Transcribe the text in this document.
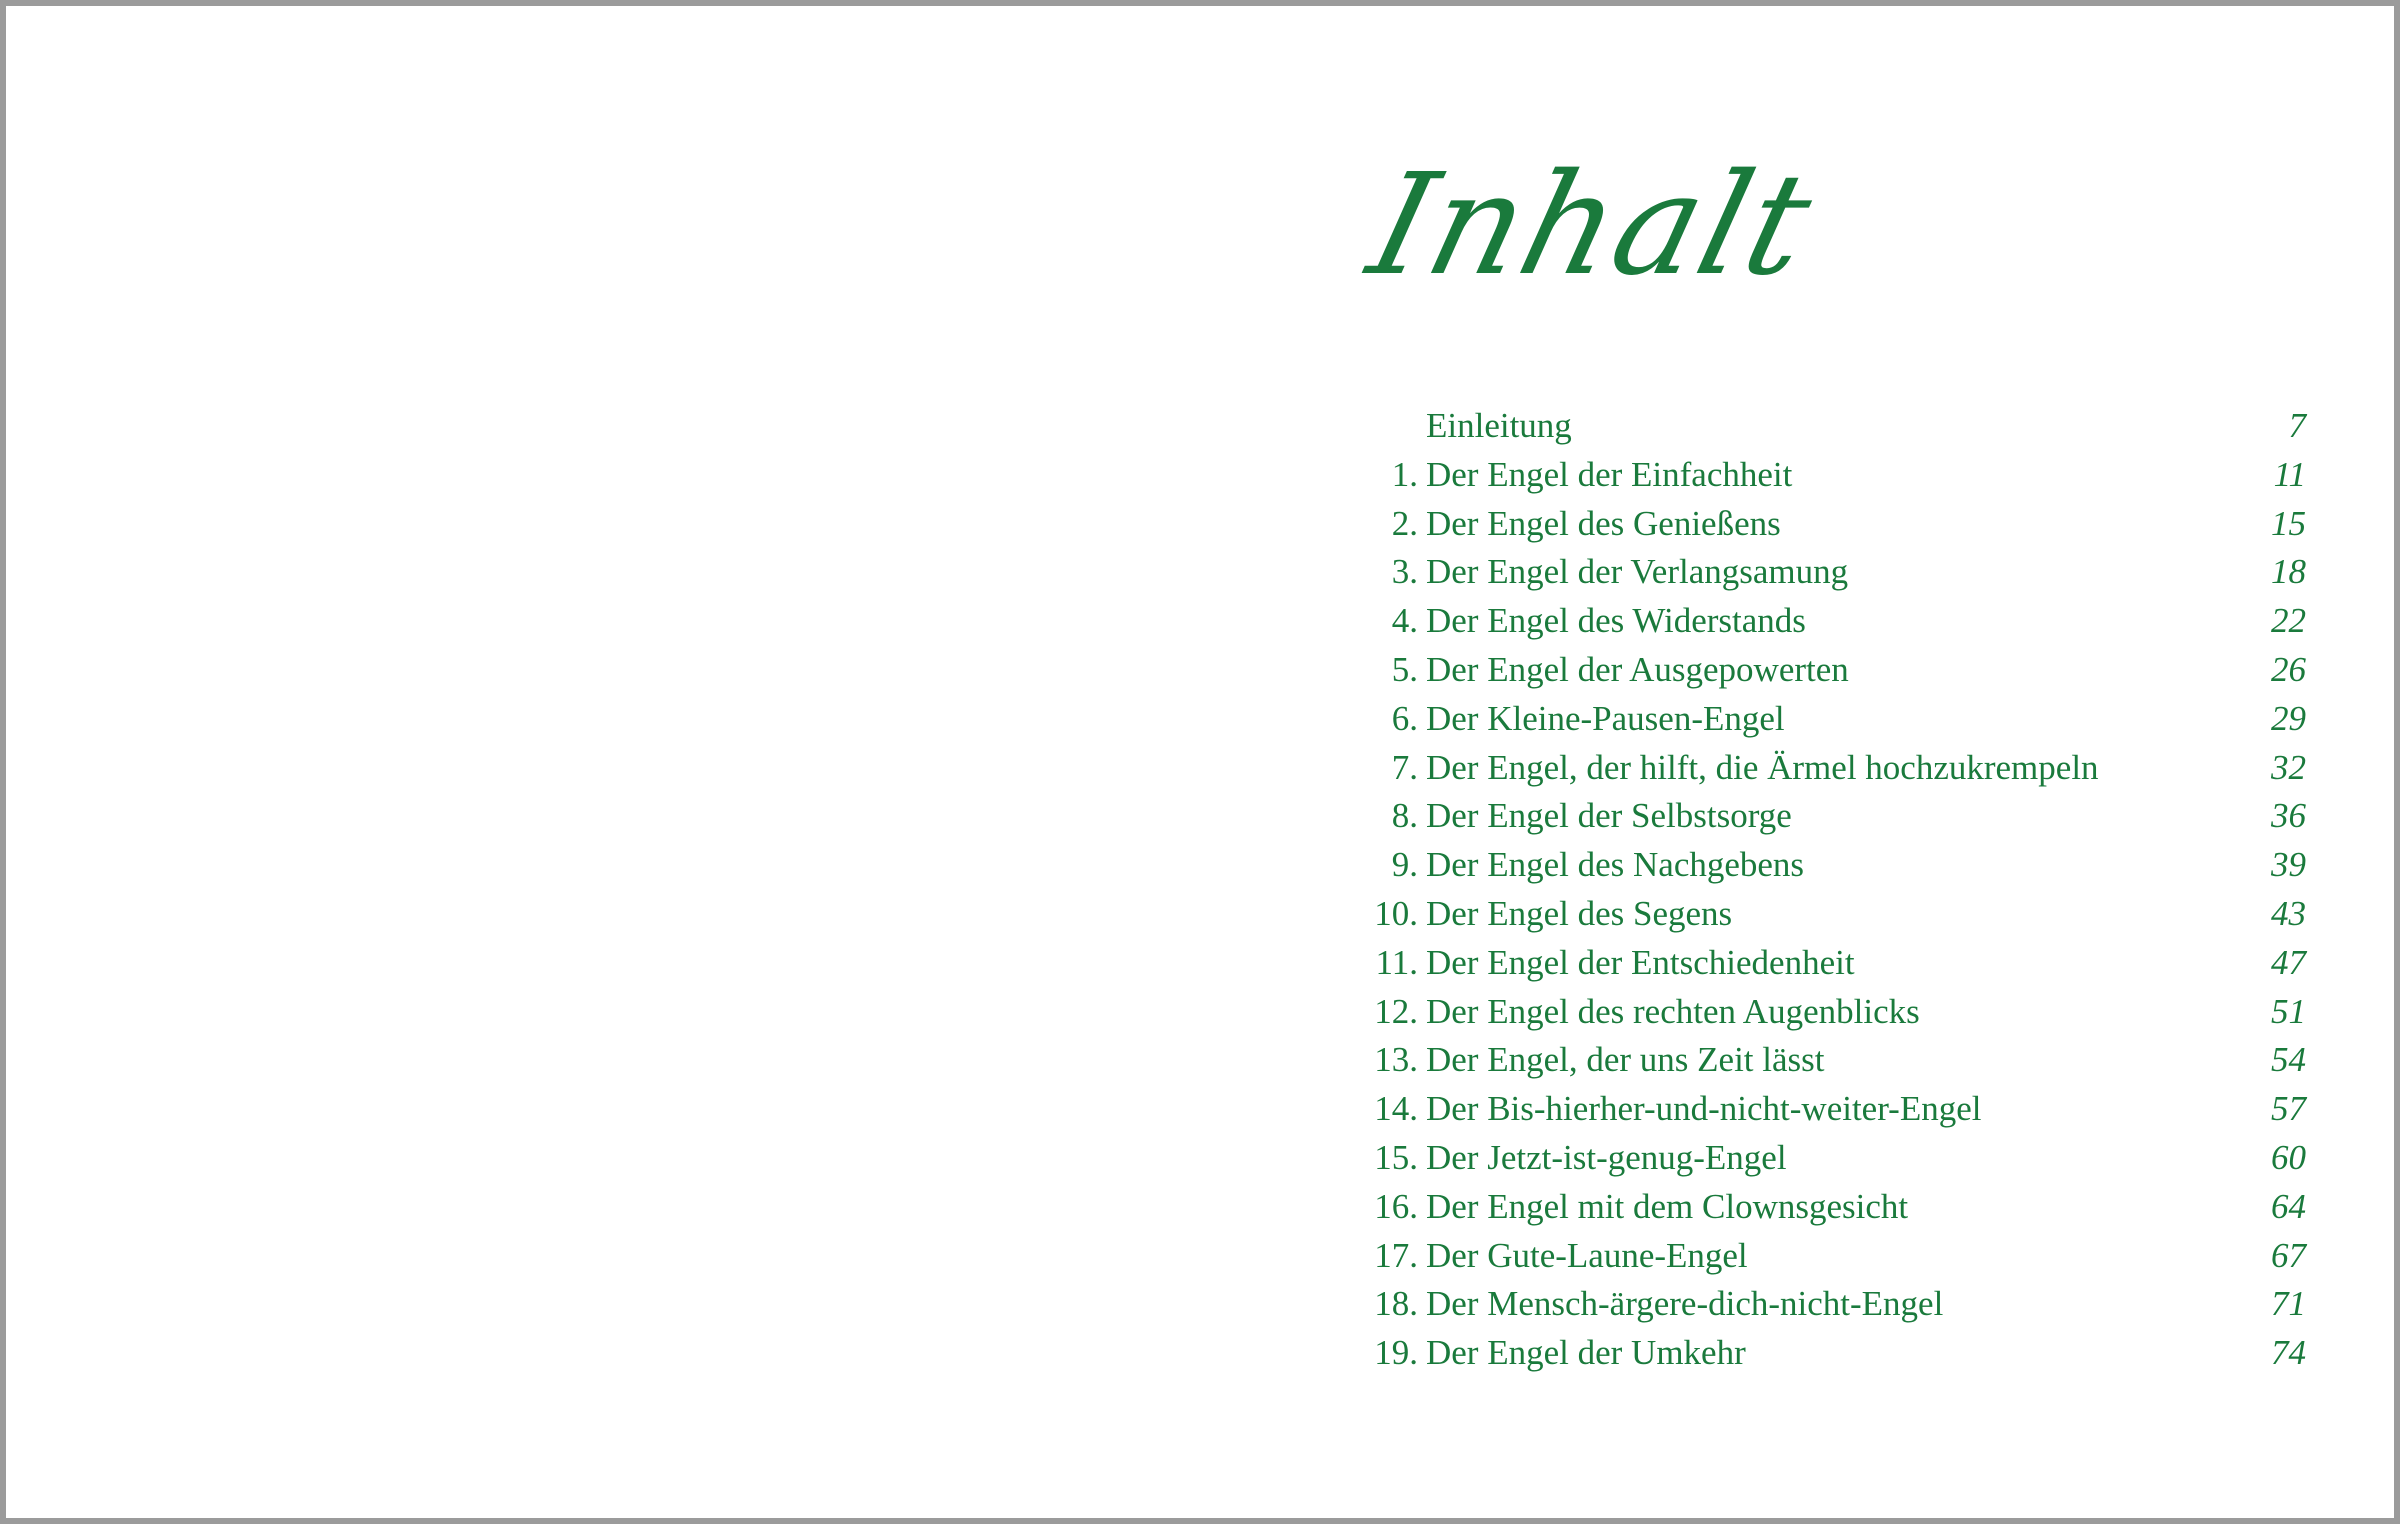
Inhalt
Einleitung	7
1. Der Engel der Einfachheit	11
2. Der Engel des Genießens	15
3. Der Engel der Verlangsamung	18
4. Der Engel des Widerstands	22
5. Der Engel der Ausgepowerten	26
6. Der Kleine-Pausen-Engel	29
7. Der Engel, der hilft, die Ärmel hochzukrempeln	32
8. Der Engel der Selbstsorge	36
9. Der Engel des Nachgebens	39
10. Der Engel des Segens	43
11. Der Engel der Entschiedenheit	47
12. Der Engel des rechten Augenblicks	51
13. Der Engel, der uns Zeit lässt	54
14. Der Bis-hierher-und-nicht-weiter-Engel	57
15. Der Jetzt-ist-genug-Engel	60
16. Der Engel mit dem Clownsgesicht	64
17. Der Gute-Laune-Engel	67
18. Der Mensch-ärgere-dich-nicht-Engel	71
19. Der Engel der Umkehr	74
